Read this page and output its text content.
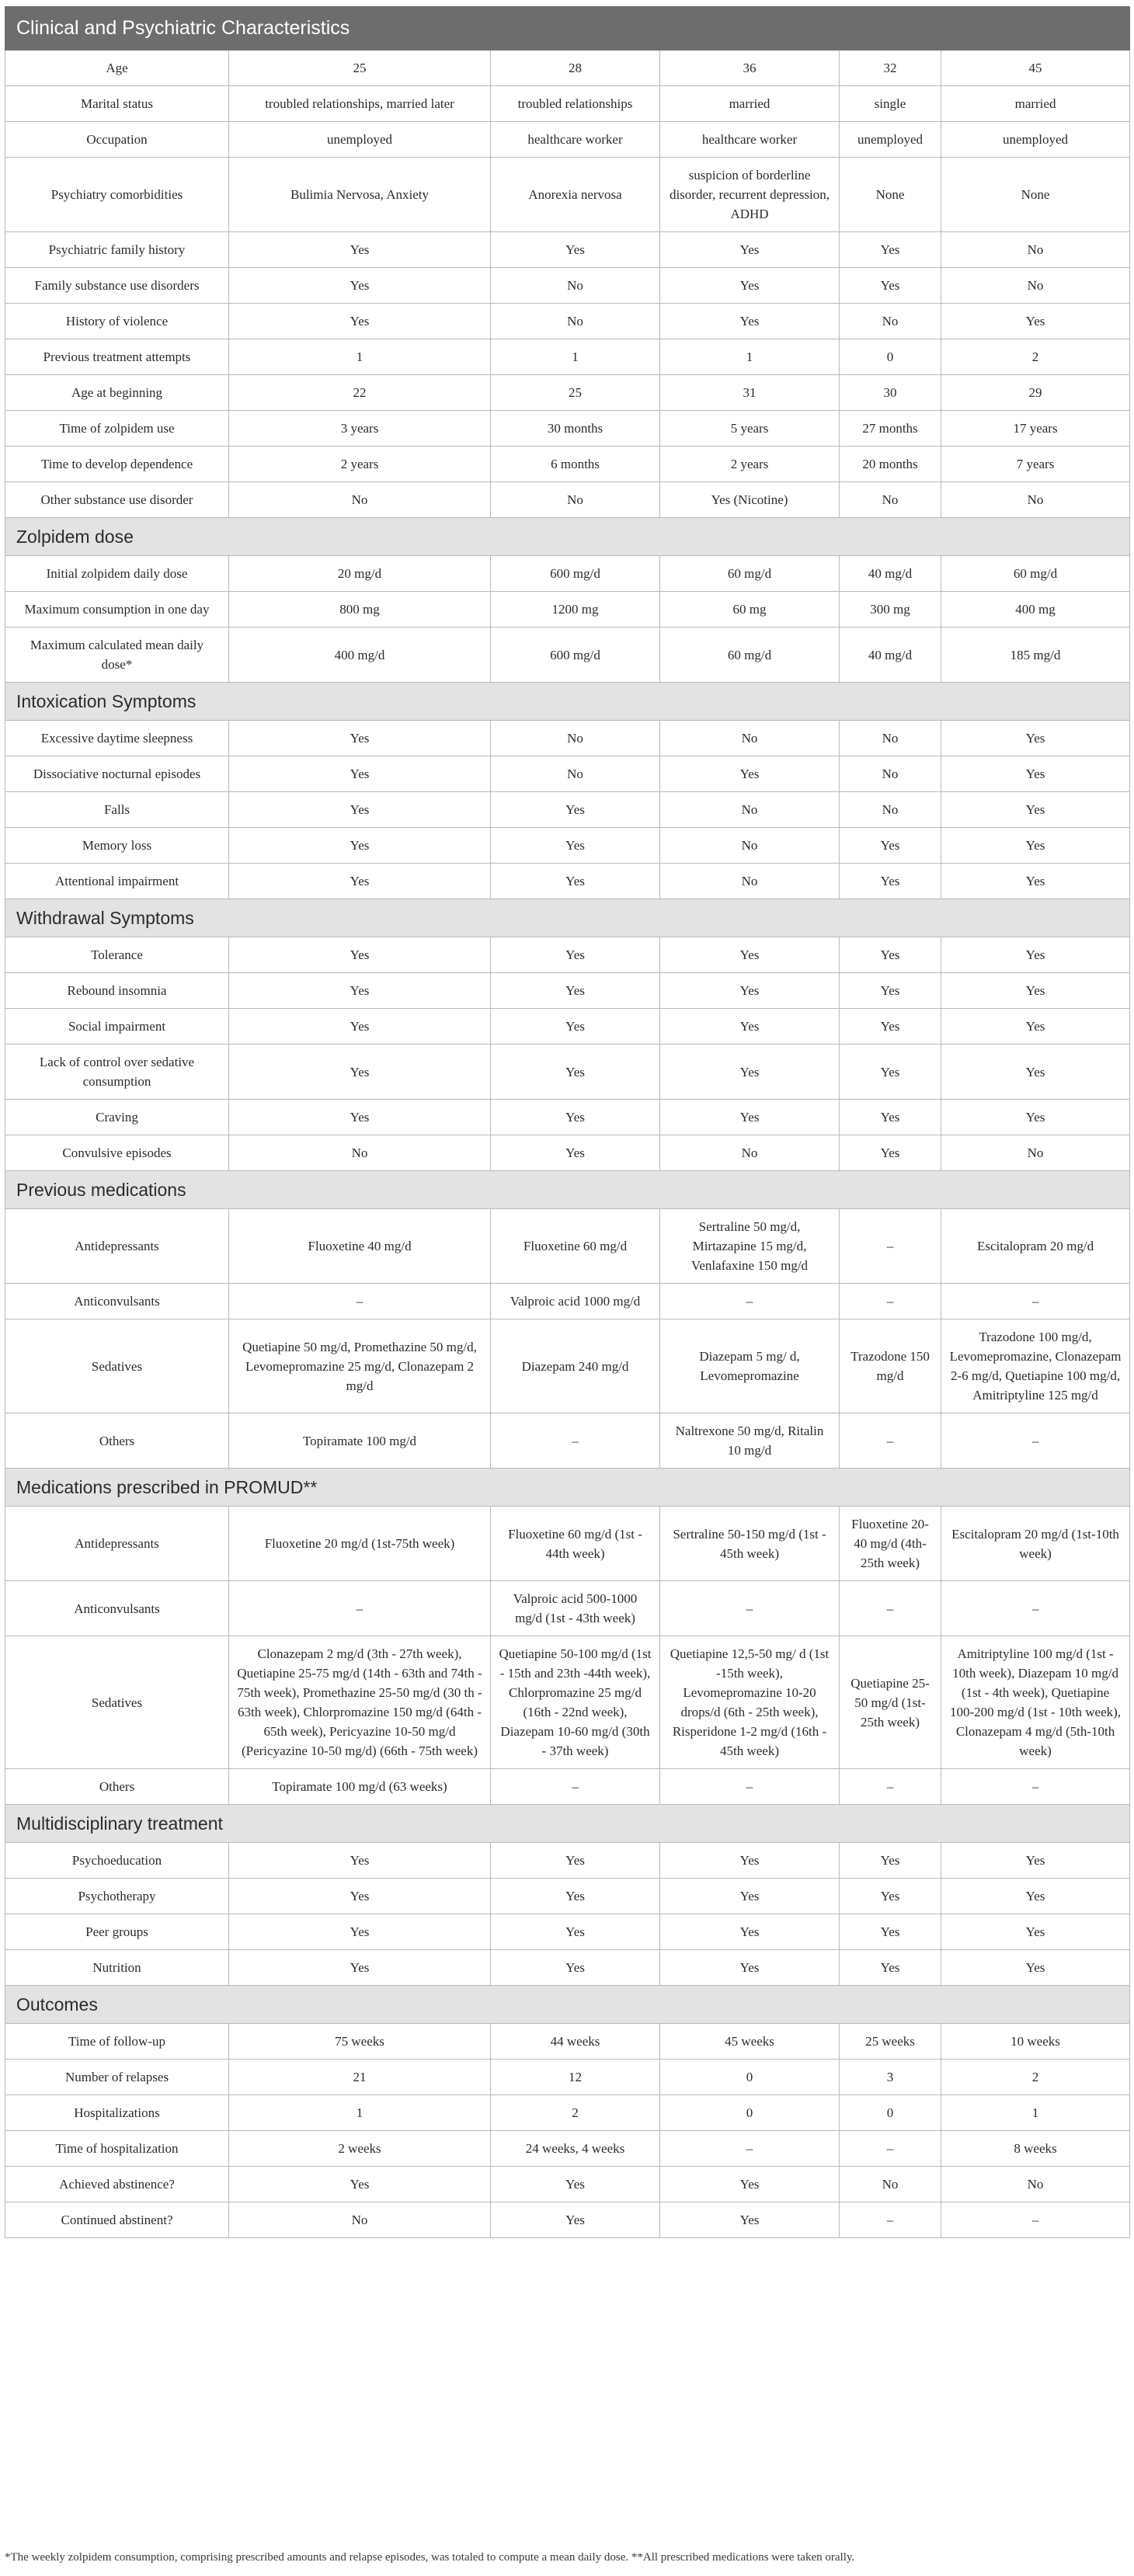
Clinical and Psychiatric Characteristics					
Age	25	28	36	32	45
Marital status	troubled relationships, married later	troubled relationships	married	single	married
Occupation	unemployed	healthcare worker	healthcare worker	unemployed	unemployed
Psychiatry comorbidities	Bulimia Nervosa, Anxiety	Anorexia nervosa	suspicion of borderline disorder, recurrent depression, ADHD	None	None
Psychiatric family history	Yes	Yes	Yes	Yes	No
Family substance use disorders	Yes	No	Yes	Yes	No
History of violence	Yes	No	Yes	No	Yes
Previous treatment attempts	1	1	1	0	2
Age at beginning	22	25	31	30	29
Time of zolpidem use	3 years	30 months	5 years	27 months	17 years
Time to develop dependence	2 years	6 months	2 years	20 months	7 years
Other substance use disorder	No	No	Yes (Nicotine)	No	No
Zolpidem dose					
Initial zolpidem daily dose	20 mg/d	600 mg/d	60 mg/d	40 mg/d	60 mg/d
Maximum consumption in one day	800 mg	1200 mg	60 mg	300 mg	400 mg
Maximum calculated mean daily dose*	400 mg/d	600 mg/d	60 mg/d	40 mg/d	185 mg/d
Intoxication Symptoms					
Excessive daytime sleepness	Yes	No	No	No	Yes
Dissociative nocturnal episodes	Yes	No	Yes	No	Yes
Falls	Yes	Yes	No	No	Yes
Memory loss	Yes	Yes	No	Yes	Yes
Attentional impairment	Yes	Yes	No	Yes	Yes
Withdrawal Symptoms					
Tolerance	Yes	Yes	Yes	Yes	Yes
Rebound insomnia	Yes	Yes	Yes	Yes	Yes
Social impairment	Yes	Yes	Yes	Yes	Yes
Lack of control over sedative consumption	Yes	Yes	Yes	Yes	Yes
Craving	Yes	Yes	Yes	Yes	Yes
Convulsive episodes	No	Yes	No	Yes	No
Previous medications					
Antidepressants	Fluoxetine 40 mg/d	Fluoxetine 60 mg/d	Sertraline 50 mg/d, Mirtazapine 15 mg/d, Venlafaxine 150 mg/d	–	Escitalopram 20 mg/d
Anticonvulsants	–	Valproic acid 1000 mg/d	–	–	–
Sedatives	Quetiapine 50 mg/d, Promethazine 50 mg/d, Levomepromazine 25 mg/d, Clonazepam 2 mg/d	Diazepam 240 mg/d	Diazepam 5 mg/ d, Levomepromazine	Trazodone 150 mg/d	Trazodone 100 mg/d, Levomepromazine, Clonazepam 2-6 mg/d, Quetiapine 100 mg/d, Amitriptyline 125 mg/d
Others	Topiramate 100 mg/d	–	Naltrexone 50 mg/d, Ritalin 10 mg/d	–	–
Medications prescribed in PROMUD**					
Antidepressants	Fluoxetine 20 mg/d (1st-75th week)	Fluoxetine 60 mg/d (1st - 44th week)	Sertraline 50-150 mg/d (1st - 45th week)	Fluoxetine 20-40 mg/d (4th-25th week)	Escitalopram 20 mg/d (1st-10th week)
Anticonvulsants	–	Valproic acid 500-1000 mg/d (1st - 43th week)	–	–	–
Sedatives	Clonazepam 2 mg/d (3th - 27th week), Quetiapine 25-75 mg/d (14th - 63th and 74th - 75th week), Promethazine 25-50 mg/d (30 th - 63th week), Chlorpromazine 150 mg/d (64th - 65th week), Pericyazine 10-50 mg/d (Pericyazine 10-50 mg/d) (66th - 75th week)	Quetiapine 50-100 mg/d (1st - 15th and 23th -44th week), Chlorpromazine 25 mg/d (16th - 22nd week), Diazepam 10-60 mg/d (30th - 37th week)	Quetiapine 12,5-50 mg/ d (1st -15th week), Levomepromazine 10-20 drops/d (6th - 25th week), Risperidone 1-2 mg/d (16th - 45th week)	Quetiapine 25-50 mg/d (1st-25th week)	Amitriptyline 100 mg/d (1st - 10th week), Diazepam 10 mg/d (1st - 4th week), Quetiapine 100-200 mg/d (1st - 10th week), Clonazepam 4 mg/d (5th-10th week)
Others	Topiramate 100 mg/d (63 weeks)	–	–	–	–
Multidisciplinary treatment					
Psychoeducation	Yes	Yes	Yes	Yes	Yes
Psychotherapy	Yes	Yes	Yes	Yes	Yes
Peer groups	Yes	Yes	Yes	Yes	Yes
Nutrition	Yes	Yes	Yes	Yes	Yes
Outcomes					
Time of follow-up	75 weeks	44 weeks	45 weeks	25 weeks	10 weeks
Number of relapses	21	12	0	3	2
Hospitalizations	1	2	0	0	1
Time of hospitalization	2 weeks	24 weeks, 4 weeks	–	–	8 weeks
Achieved abstinence?	Yes	Yes	Yes	No	No
Continued abstinent?	No	Yes	Yes	–	–
*The weekly zolpidem consumption, comprising prescribed amounts and relapse episodes, was totaled to compute a mean daily dose. **All prescribed medications were taken orally.
